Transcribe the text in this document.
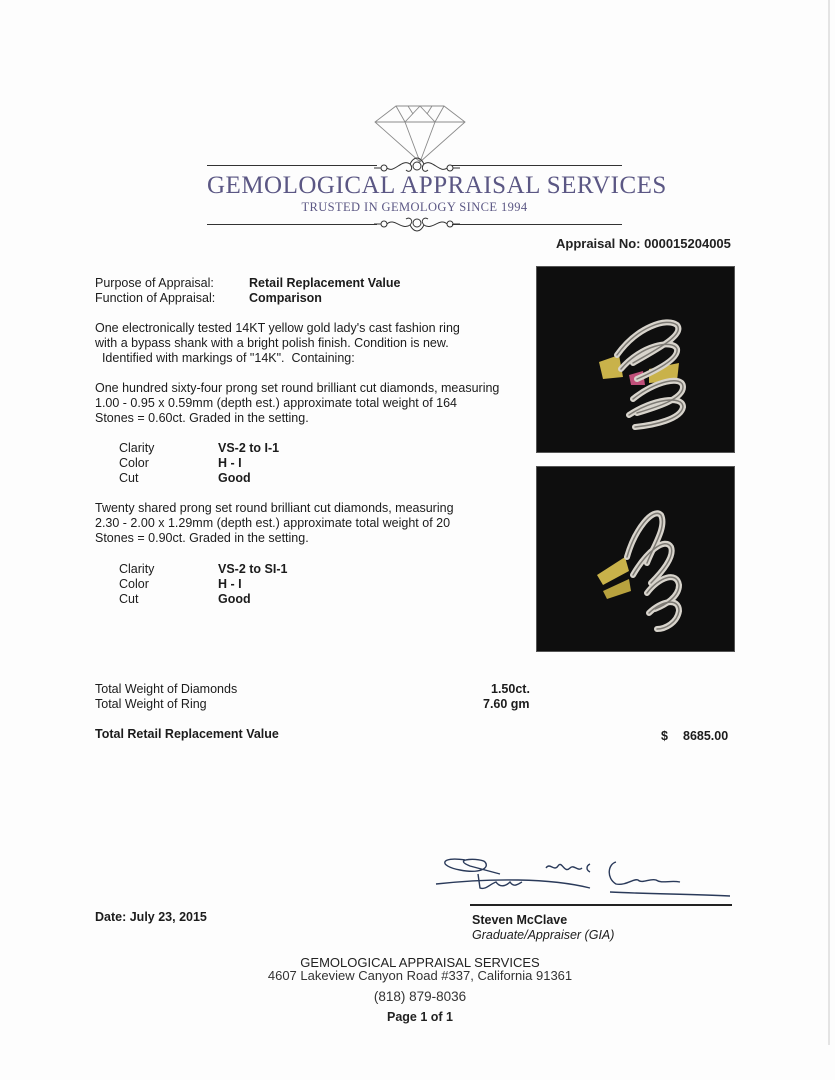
GEMOLOGICAL APPRAISAL SERVICES
TRUSTED IN GEMOLOGY SINCE 1994
Appraisal No: 000015204005
Purpose of Appraisal:	Retail Replacement Value
Function of Appraisal:	Comparison
One electronically tested 14KT yellow gold lady's cast fashion ring
with a bypass shank with a bright polish finish. Condition is new.
Identified with markings of "14K".  Containing:
One hundred sixty-four prong set round brilliant cut diamonds, measuring
1.00 - 0.95 x 0.59mm (depth est.) approximate total weight of 164
Stones = 0.60ct. Graded in the setting.
Clarity	VS-2 to I-1
Color	H - I
Cut	Good
Twenty shared prong set round brilliant cut diamonds, measuring
2.30 - 2.00 x 1.29mm (depth est.) approximate total weight of 20
Stones = 0.90ct. Graded in the setting.
Clarity	VS-2 to SI-1
Color	H - I
Cut	Good
Total Weight of Diamonds	1.50ct.
Total Weight of Ring	7.60 gm
Total Retail Replacement Value	$ 8685.00
Date: July 23, 2015	Steven McClave
Graduate/Appraiser (GIA)
GEMOLOGICAL APPRAISAL SERVICES
4607 Lakeview Canyon Road #337, California 91361
(818) 879-8036
Page 1 of 1
